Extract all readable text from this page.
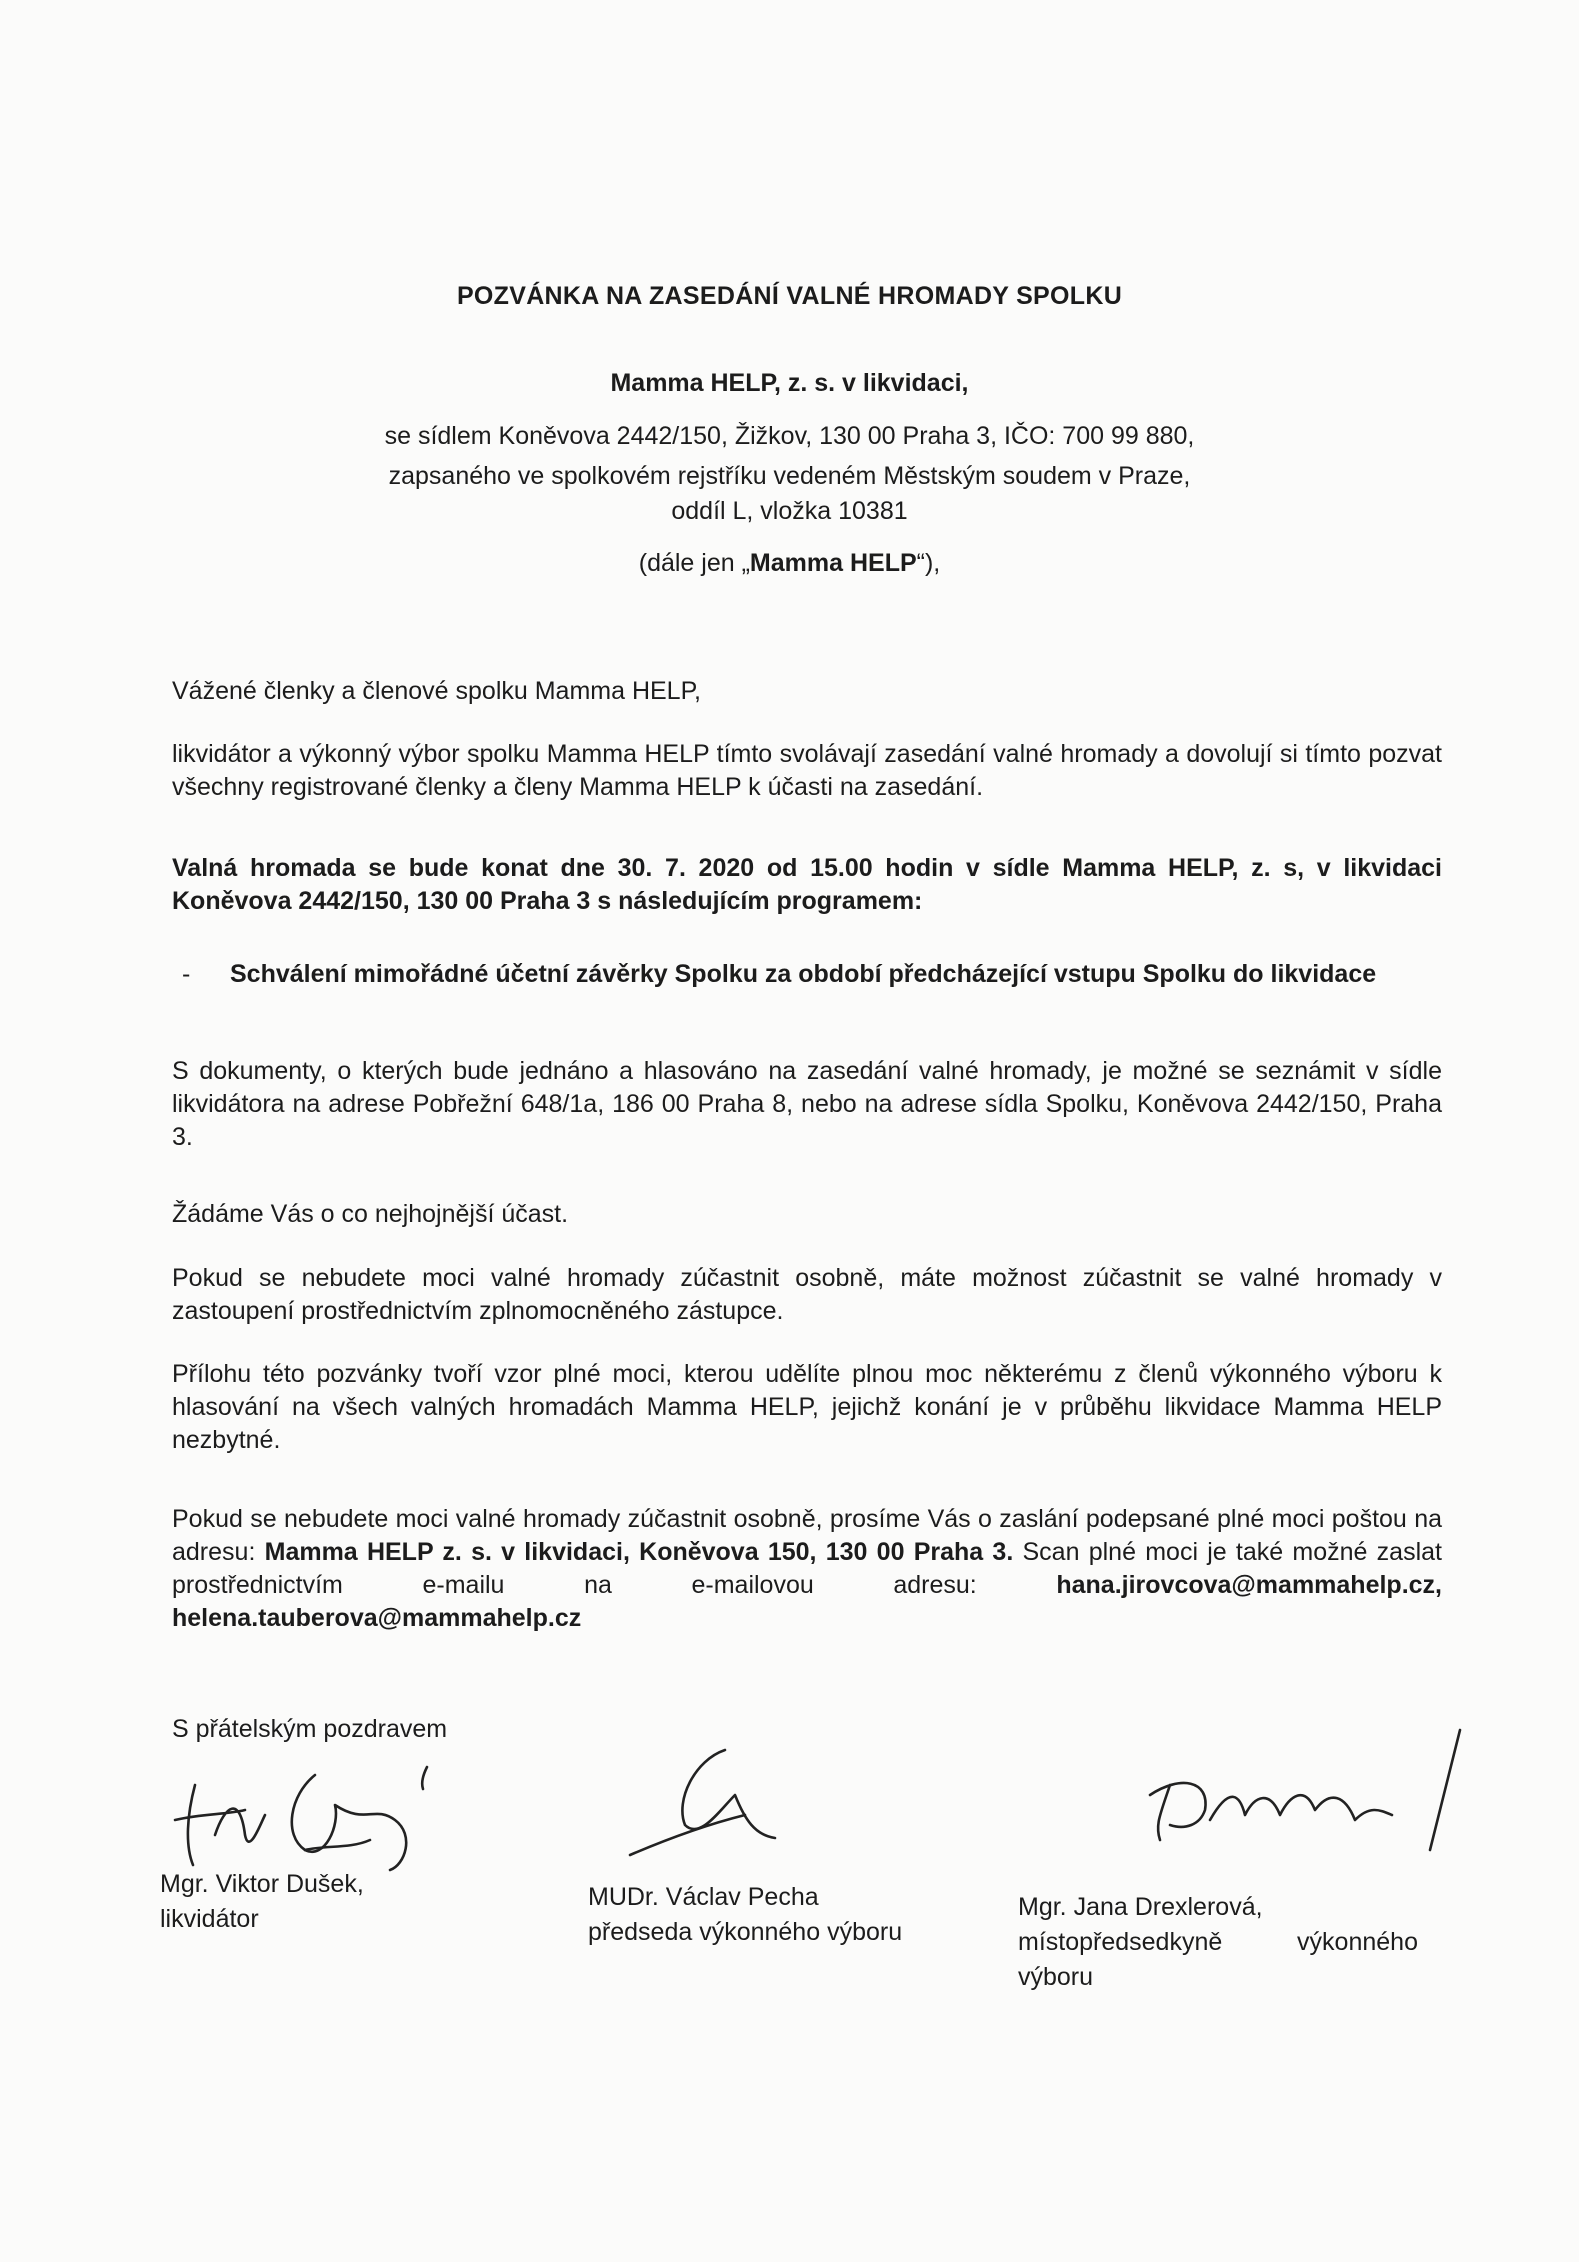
POZVÁNKA NA ZASEDÁNÍ VALNÉ HROMADY SPOLKU
Mamma HELP, z. s. v likvidaci,
se sídlem Koněvova 2442/150, Žižkov, 130 00 Praha 3, IČO: 700 99 880,
zapsaného ve spolkovém rejstříku vedeném Městským soudem v Praze,
oddíl L, vložka 10381
(dále jen „Mamma HELP“),
Vážené členky a členové spolku Mamma HELP,
likvidátor a výkonný výbor spolku Mamma HELP tímto svolávají zasedání valné hromady a dovolují si tímto pozvat všechny registrované členky a členy Mamma HELP k účasti na zasedání.
Valná hromada se bude konat dne 30. 7. 2020 od 15.00 hodin v sídle Mamma HELP, z. s, v likvidaci Koněvova 2442/150, 130 00 Praha 3 s následujícím programem:
- Schválení mimořádné účetní závěrky Spolku za období předcházející vstupu Spolku do likvidace
S dokumenty, o kterých bude jednáno a hlasováno na zasedání valné hromady, je možné se seznámit v sídle likvidátora na adrese Pobřežní 648/1a, 186 00 Praha 8, nebo na adrese sídla Spolku, Koněvova 2442/150, Praha 3.
Žádáme Vás o co nejhojnější účast.
Pokud se nebudete moci valné hromady zúčastnit osobně, máte možnost zúčastnit se valné hromady v zastoupení prostřednictvím zplnomocněného zástupce.
Přílohu této pozvánky tvoří vzor plné moci, kterou udělíte plnou moc některému z členů výkonného výboru k hlasování na všech valných hromadách Mamma HELP, jejichž konání je v průběhu likvidace Mamma HELP nezbytné.
Pokud se nebudete moci valné hromady zúčastnit osobně, prosíme Vás o zaslání podepsané plné moci poštou na adresu: Mamma HELP z. s. v likvidaci, Koněvova 150, 130 00 Praha 3. Scan plné moci je také možné zaslat prostřednictvím e-mailu na e-mailovou adresu: hana.jirovcova@mammahelp.cz, helena.tauberova@mammahelp.cz
S přátelským pozdravem
Mgr. Viktor Dušek,
likvidátor
MUDr. Václav Pecha
předseda výkonného výboru
Mgr. Jana Drexlerová,
místopředsedkyně výkonného výboru
